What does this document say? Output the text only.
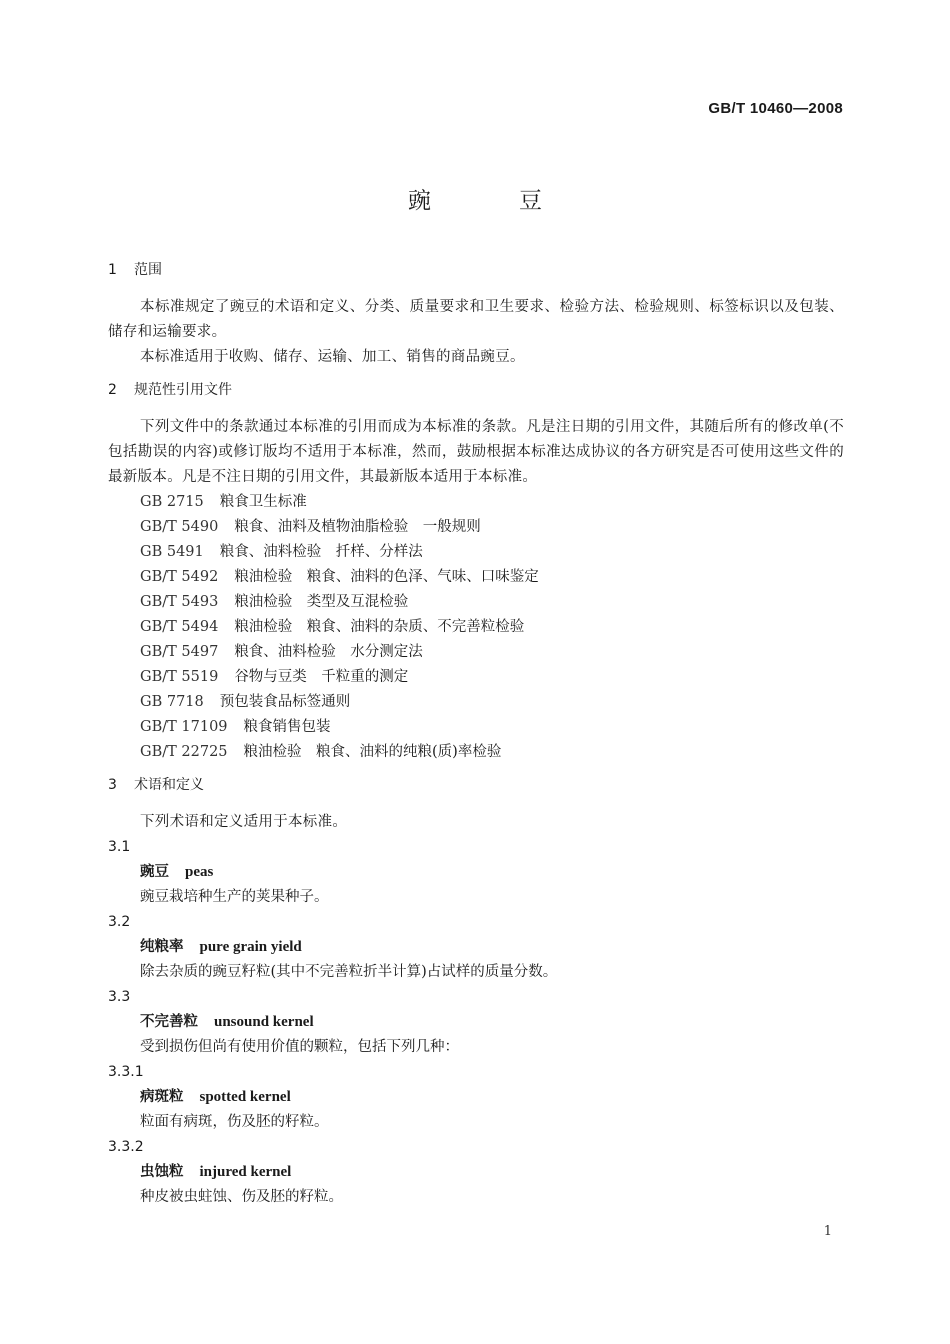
GB/T 10460—2008
豌豆
1 范围

本标准规定了豌豆的术语和定义、分类、质量要求和卫生要求、检验方法、检验规则、标签标识以及包装、储存和运输要求。

本标准适用于收购、储存、运输、加工、销售的商品豌豆。

2 规范性引用文件

下列文件中的条款通过本标准的引用而成为本标准的条款。凡是注日期的引用文件，其随后所有的修改单(不包括勘误的内容)或修订版均不适用于本标准，然而，鼓励根据本标准达成协议的各方研究是否可使用这些文件的最新版本。凡是不注日期的引用文件，其最新版本适用于本标准。

GB 2715 粮食卫生标准
GB/T 5490 粮食、油料及植物油脂检验　一般规则
GB 5491 粮食、油料检验　扦样、分样法
GB/T 5492 粮油检验　粮食、油料的色泽、气味、口味鉴定
GB/T 5493 粮油检验　类型及互混检验
GB/T 5494 粮油检验　粮食、油料的杂质、不完善粒检验
GB/T 5497 粮食、油料检验　水分测定法
GB/T 5519 谷物与豆类　千粒重的测定
GB 7718 预包装食品标签通则
GB/T 17109 粮食销售包装
GB/T 22725 粮油检验　粮食、油料的纯粮(质)率检验
3 术语和定义

下列术语和定义适用于本标准。

3.1
豌豆 peas
豌豆栽培种生产的荚果种子。
3.2
纯粮率 pure grain yield
除去杂质的豌豆籽粒(其中不完善粒折半计算)占试样的质量分数。
3.3
不完善粒 unsound kernel
受到损伤但尚有使用价值的颗粒，包括下列几种：
3.3.1
病斑粒 spotted kernel
粒面有病斑，伤及胚的籽粒。
3.3.2
虫蚀粒 injured kernel
种皮被虫蛀蚀、伤及胚的籽粒。
1
